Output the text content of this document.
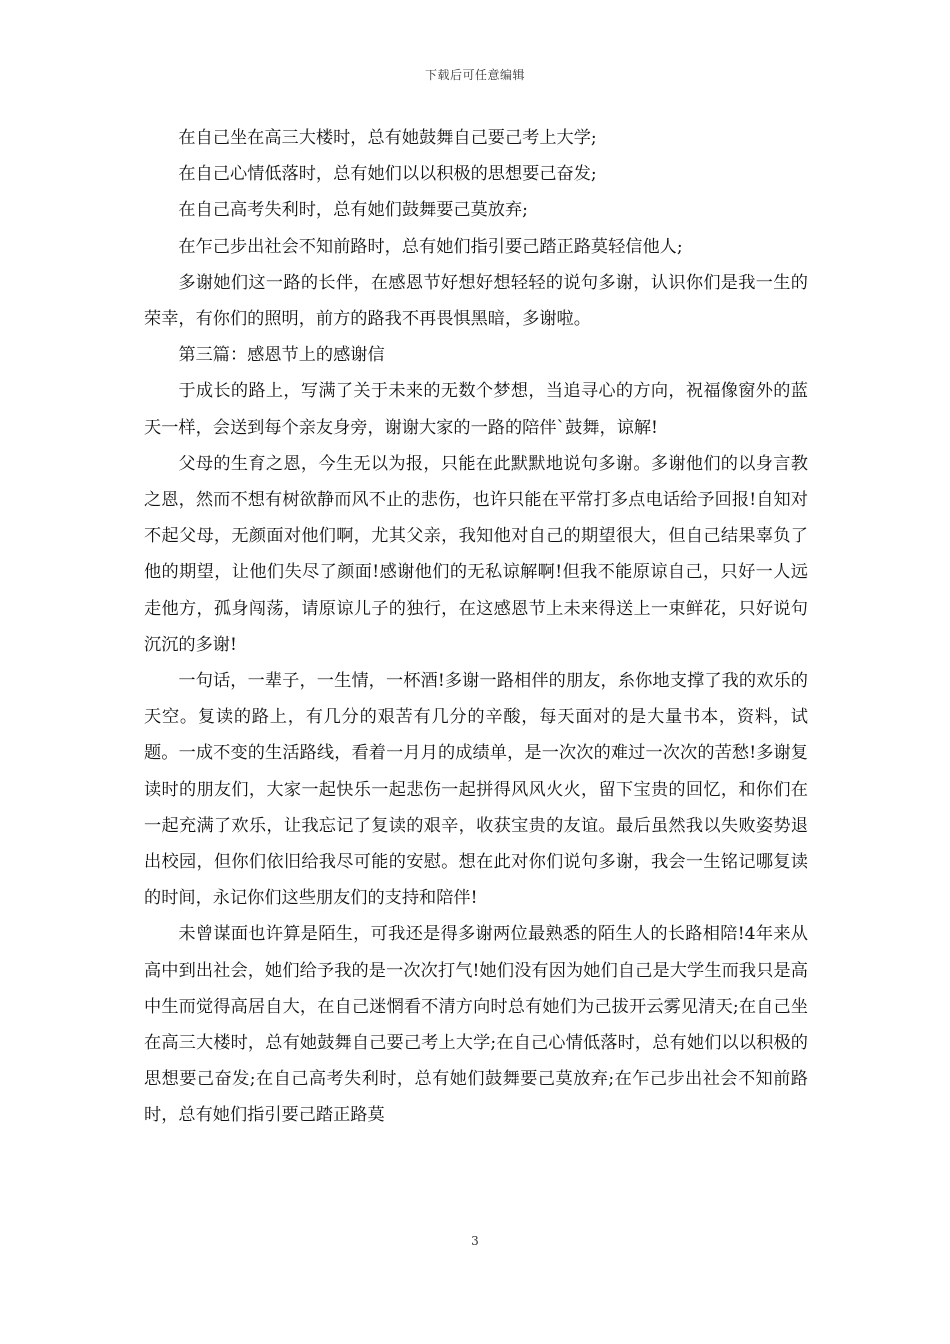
下载后可任意编辑

在自己坐在高三大楼时，总有她鼓舞自己要己考上大学;

在自己心情低落时，总有她们以以积极的思想要己奋发;

在自己高考失利时，总有她们鼓舞要己莫放弃;

在乍己步出社会不知前路时，总有她们指引要己踏正路莫轻信他人;

多谢她们这一路的长伴，在感恩节好想好想轻轻的说句多谢，认识你们是我一生的荣幸，有你们的照明，前方的路我不再畏惧黑暗，多谢啦。

第三篇：感恩节上的感谢信

于成长的路上，写满了关于未来的无数个梦想，当追寻心的方向，祝福像窗外的蓝天一样，会送到每个亲友身旁，谢谢大家的一路的陪伴`鼓舞，谅解!

父母的生育之恩，今生无以为报，只能在此默默地说句多谢。多谢他们的以身言教之恩，然而不想有树欲静而风不止的悲伤，也许只能在平常打多点电话给予回报!自知对不起父母，无颜面对他们啊，尤其父亲，我知他对自己的期望很大，但自己结果辜负了他的期望，让他们失尽了颜面!感谢他们的无私谅解啊!但我不能原谅自己，只好一人远走他方，孤身闯荡，请原谅儿子的独行，在这感恩节上未来得送上一束鲜花，只好说句沉沉的多谢!

一句话，一辈子，一生情，一杯酒!多谢一路相伴的朋友，糸你地支撑了我的欢乐的天空。复读的路上，有几分的艰苦有几分的辛酸，每天面对的是大量书本，资料，试题。一成不变的生活路线，看着一月月的成绩单，是一次次的难过一次次的苦愁!多谢复读时的朋友们，大家一起快乐一起悲伤一起拼得风风火火，留下宝贵的回忆，和你们在一起充满了欢乐，让我忘记了复读的艰辛，收获宝贵的友谊。最后虽然我以失败姿势退出校园，但你们依旧给我尽可能的安慰。想在此对你们说句多谢，我会一生铭记哪复读的时间，永记你们这些朋友们的支持和陪伴!

未曾谋面也许算是陌生，可我还是得多谢两位最熟悉的陌生人的长路相陪!4年来从高中到出社会，她们给予我的是一次次打气!她们没有因为她们自己是大学生而我只是高中生而觉得高居自大，在自己迷惘看不清方向时总有她们为己拔开云雾见清天;在自己坐在高三大楼时，总有她鼓舞自己要己考上大学;在自己心情低落时，总有她们以以积极的思想要己奋发;在自己高考失利时，总有她们鼓舞要己莫放弃;在乍己步出社会不知前路时，总有她们指引要己踏正路莫

3
